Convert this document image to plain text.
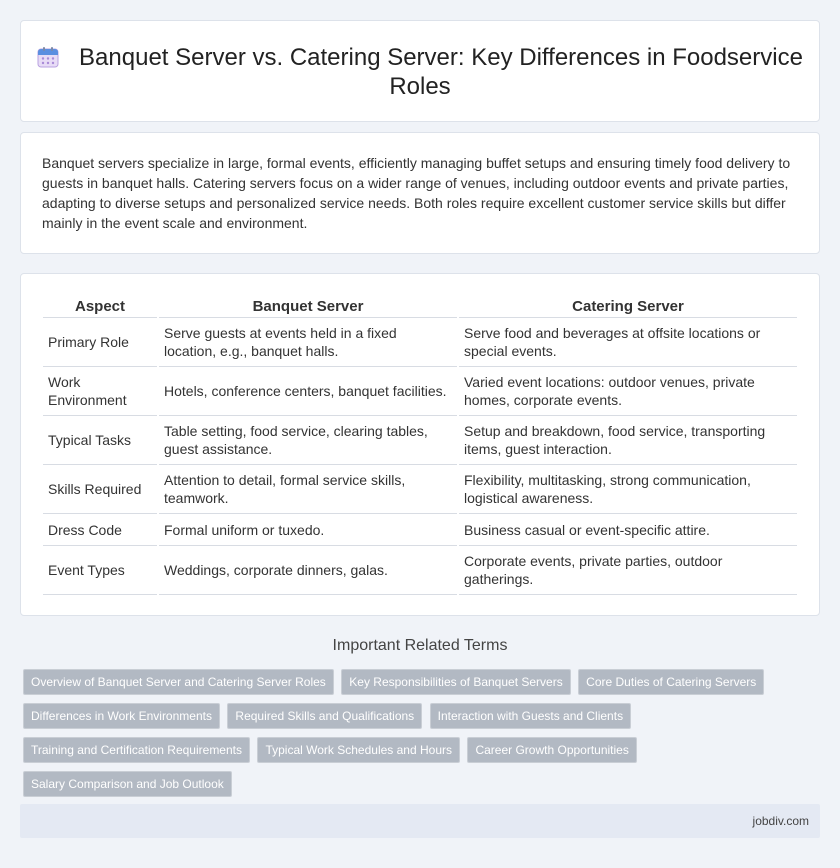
Banquet Server vs. Catering Server: Key Differences in Foodservice Roles

Banquet servers specialize in large, formal events, efficiently managing buffet setups and ensuring timely food delivery to guests in banquet halls. Catering servers focus on a wider range of venues, including outdoor events and private parties, adapting to diverse setups and personalized service needs. Both roles require excellent customer service skills but differ mainly in the event scale and environment.

Aspect	Banquet Server	Catering Server
Primary Role	Serve guests at events held in a fixed location, e.g., banquet halls.	Serve food and beverages at offsite locations or special events.
Work Environment	Hotels, conference centers, banquet facilities.	Varied event locations: outdoor venues, private homes, corporate events.
Typical Tasks	Table setting, food service, clearing tables, guest assistance.	Setup and breakdown, food service, transporting items, guest interaction.
Skills Required	Attention to detail, formal service skills, teamwork.	Flexibility, multitasking, strong communication, logistical awareness.
Dress Code	Formal uniform or tuxedo.	Business casual or event-specific attire.
Event Types	Weddings, corporate dinners, galas.	Corporate events, private parties, outdoor gatherings.
Important Related Terms
Overview of Banquet Server and Catering Server Roles Key Responsibilities of Banquet Servers Core Duties of Catering Servers Differences in Work Environments Required Skills and Qualifications Interaction with Guests and Clients Training and Certification Requirements Typical Work Schedules and Hours Career Growth Opportunities Salary Comparison and Job Outlook
jobdiv.com
